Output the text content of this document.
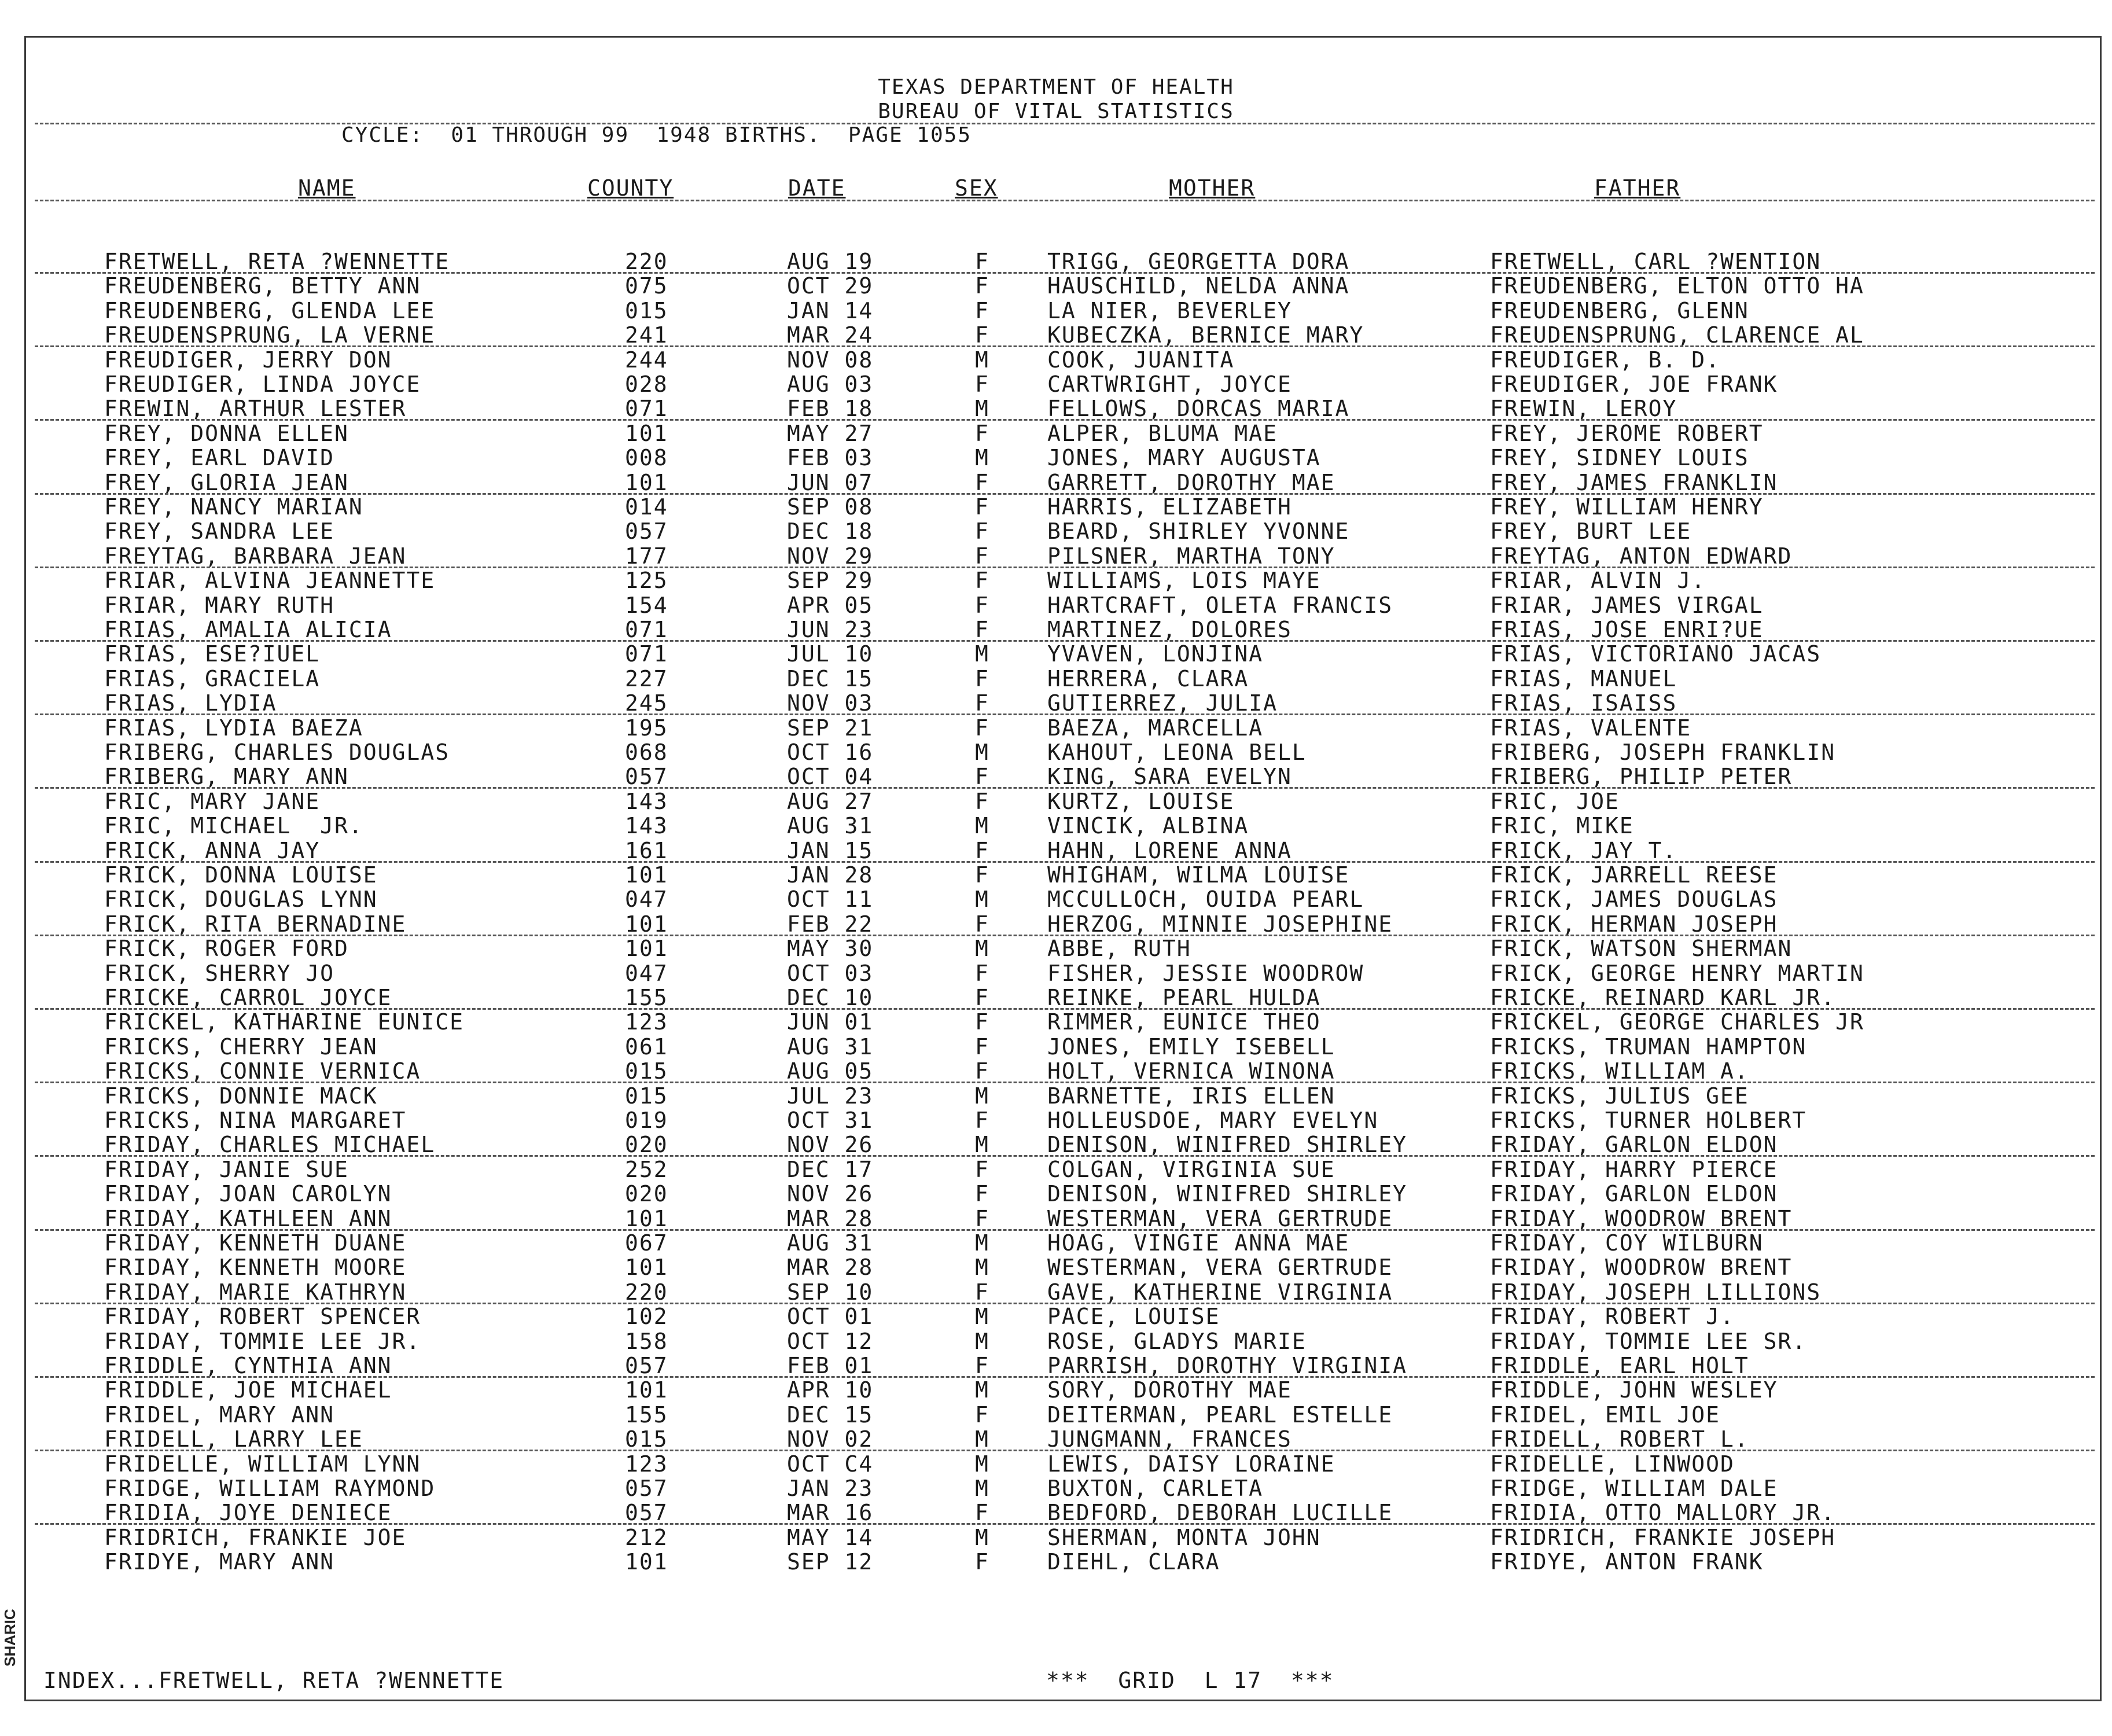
TEXAS DEPARTMENT OF HEALTH
BUREAU OF VITAL STATISTICS
CYCLE:  01 THROUGH 99  1948 BIRTHS.  PAGE 1055
NAME	COUNTY	DATE	SEX	MOTHER	FATHER
FRETWELL, RETA ?WENNETTE	220	AUG 19	F	TRIGG, GEORGETTA DORA	FRETWELL, CARL ?WENTION
FREUDENBERG, BETTY ANN	075	OCT 29	F	HAUSCHILD, NELDA ANNA	FREUDENBERG, ELTON OTTO HA
FREUDENBERG, GLENDA LEE	015	JAN 14	F	LA NIER, BEVERLEY	FREUDENBERG, GLENN
FREUDENSPRUNG, LA VERNE	241	MAR 24	F	KUBECZKA, BERNICE MARY	FREUDENSPRUNG, CLARENCE AL
FREUDIGER, JERRY DON	244	NOV 08	M	COOK, JUANITA	FREUDIGER, B. D.
FREUDIGER, LINDA JOYCE	028	AUG 03	F	CARTWRIGHT, JOYCE	FREUDIGER, JOE FRANK
FREWIN, ARTHUR LESTER	071	FEB 18	M	FELLOWS, DORCAS MARIA	FREWIN, LEROY
FREY, DONNA ELLEN	101	MAY 27	F	ALPER, BLUMA MAE	FREY, JEROME ROBERT
FREY, EARL DAVID	008	FEB 03	M	JONES, MARY AUGUSTA	FREY, SIDNEY LOUIS
FREY, GLORIA JEAN	101	JUN 07	F	GARRETT, DOROTHY MAE	FREY, JAMES FRANKLIN
FREY, NANCY MARIAN	014	SEP 08	F	HARRIS, ELIZABETH	FREY, WILLIAM HENRY
FREY, SANDRA LEE	057	DEC 18	F	BEARD, SHIRLEY YVONNE	FREY, BURT LEE
FREYTAG, BARBARA JEAN	177	NOV 29	F	PILSNER, MARTHA TONY	FREYTAG, ANTON EDWARD
FRIAR, ALVINA JEANNETTE	125	SEP 29	F	WILLIAMS, LOIS MAYE	FRIAR, ALVIN J.
FRIAR, MARY RUTH	154	APR 05	F	HARTCRAFT, OLETA FRANCIS	FRIAR, JAMES VIRGAL
FRIAS, AMALIA ALICIA	071	JUN 23	F	MARTINEZ, DOLORES	FRIAS, JOSE ENRI?UE
FRIAS, ESE?IUEL	071	JUL 10	M	YVAVEN, LONJINA	FRIAS, VICTORIANO JACAS
FRIAS, GRACIELA	227	DEC 15	F	HERRERA, CLARA	FRIAS, MANUEL
FRIAS, LYDIA	245	NOV 03	F	GUTIERREZ, JULIA	FRIAS, ISAISS
FRIAS, LYDIA BAEZA	195	SEP 21	F	BAEZA, MARCELLA	FRIAS, VALENTE
FRIBERG, CHARLES DOUGLAS	068	OCT 16	M	KAHOUT, LEONA BELL	FRIBERG, JOSEPH FRANKLIN
FRIBERG, MARY ANN	057	OCT 04	F	KING, SARA EVELYN	FRIBERG, PHILIP PETER
FRIC, MARY JANE	143	AUG 27	F	KURTZ, LOUISE	FRIC, JOE
FRIC, MICHAEL  JR.	143	AUG 31	M	VINCIK, ALBINA	FRIC, MIKE
FRICK, ANNA JAY	161	JAN 15	F	HAHN, LORENE ANNA	FRICK, JAY T.
FRICK, DONNA LOUISE	101	JAN 28	F	WHIGHAM, WILMA LOUISE	FRICK, JARRELL REESE
FRICK, DOUGLAS LYNN	047	OCT 11	M	MCCULLOCH, OUIDA PEARL	FRICK, JAMES DOUGLAS
FRICK, RITA BERNADINE	101	FEB 22	F	HERZOG, MINNIE JOSEPHINE	FRICK, HERMAN JOSEPH
FRICK, ROGER FORD	101	MAY 30	M	ABBE, RUTH	FRICK, WATSON SHERMAN
FRICK, SHERRY JO	047	OCT 03	F	FISHER, JESSIE WOODROW	FRICK, GEORGE HENRY MARTIN
FRICKE, CARROL JOYCE	155	DEC 10	F	REINKE, PEARL HULDA	FRICKE, REINARD KARL JR.
FRICKEL, KATHARINE EUNICE	123	JUN 01	F	RIMMER, EUNICE THEO	FRICKEL, GEORGE CHARLES JR
FRICKS, CHERRY JEAN	061	AUG 31	F	JONES, EMILY ISEBELL	FRICKS, TRUMAN HAMPTON
FRICKS, CONNIE VERNICA	015	AUG 05	F	HOLT, VERNICA WINONA	FRICKS, WILLIAM A.
FRICKS, DONNIE MACK	015	JUL 23	M	BARNETTE, IRIS ELLEN	FRICKS, JULIUS GEE
FRICKS, NINA MARGARET	019	OCT 31	F	HOLLEUSDOE, MARY EVELYN	FRICKS, TURNER HOLBERT
FRIDAY, CHARLES MICHAEL	020	NOV 26	M	DENISON, WINIFRED SHIRLEY	FRIDAY, GARLON ELDON
FRIDAY, JANIE SUE	252	DEC 17	F	COLGAN, VIRGINIA SUE	FRIDAY, HARRY PIERCE
FRIDAY, JOAN CAROLYN	020	NOV 26	F	DENISON, WINIFRED SHIRLEY	FRIDAY, GARLON ELDON
FRIDAY, KATHLEEN ANN	101	MAR 28	F	WESTERMAN, VERA GERTRUDE	FRIDAY, WOODROW BRENT
FRIDAY, KENNETH DUANE	067	AUG 31	M	HOAG, VINGIE ANNA MAE	FRIDAY, COY WILBURN
FRIDAY, KENNETH MOORE	101	MAR 28	M	WESTERMAN, VERA GERTRUDE	FRIDAY, WOODROW BRENT
FRIDAY, MARIE KATHRYN	220	SEP 10	F	GAVE, KATHERINE VIRGINIA	FRIDAY, JOSEPH LILLIONS
FRIDAY, ROBERT SPENCER	102	OCT 01	M	PACE, LOUISE	FRIDAY, ROBERT J.
FRIDAY, TOMMIE LEE JR.	158	OCT 12	M	ROSE, GLADYS MARIE	FRIDAY, TOMMIE LEE SR.
FRIDDLE, CYNTHIA ANN	057	FEB 01	F	PARRISH, DOROTHY VIRGINIA	FRIDDLE, EARL HOLT
FRIDDLE, JOE MICHAEL	101	APR 10	M	SORY, DOROTHY MAE	FRIDDLE, JOHN WESLEY
FRIDEL, MARY ANN	155	DEC 15	F	DEITERMAN, PEARL ESTELLE	FRIDEL, EMIL JOE
FRIDELL, LARRY LEE	015	NOV 02	M	JUNGMANN, FRANCES	FRIDELL, ROBERT L.
FRIDELLE, WILLIAM LYNN	123	OCT C4	M	LEWIS, DAISY LORAINE	FRIDELLE, LINWOOD
FRIDGE, WILLIAM RAYMOND	057	JAN 23	M	BUXTON, CARLETA	FRIDGE, WILLIAM DALE
FRIDIA, JOYE DENIECE	057	MAR 16	F	BEDFORD, DEBORAH LUCILLE	FRIDIA, OTTO MALLORY JR.
FRIDRICH, FRANKIE JOE	212	MAY 14	M	SHERMAN, MONTA JOHN	FRIDRICH, FRANKIE JOSEPH
FRIDYE, MARY ANN	101	SEP 12	F	DIEHL, CLARA	FRIDYE, ANTON FRANK
INDEX...FRETWELL, RETA ?WENNETTE	***  GRID  L 17  ***
SHARIC
